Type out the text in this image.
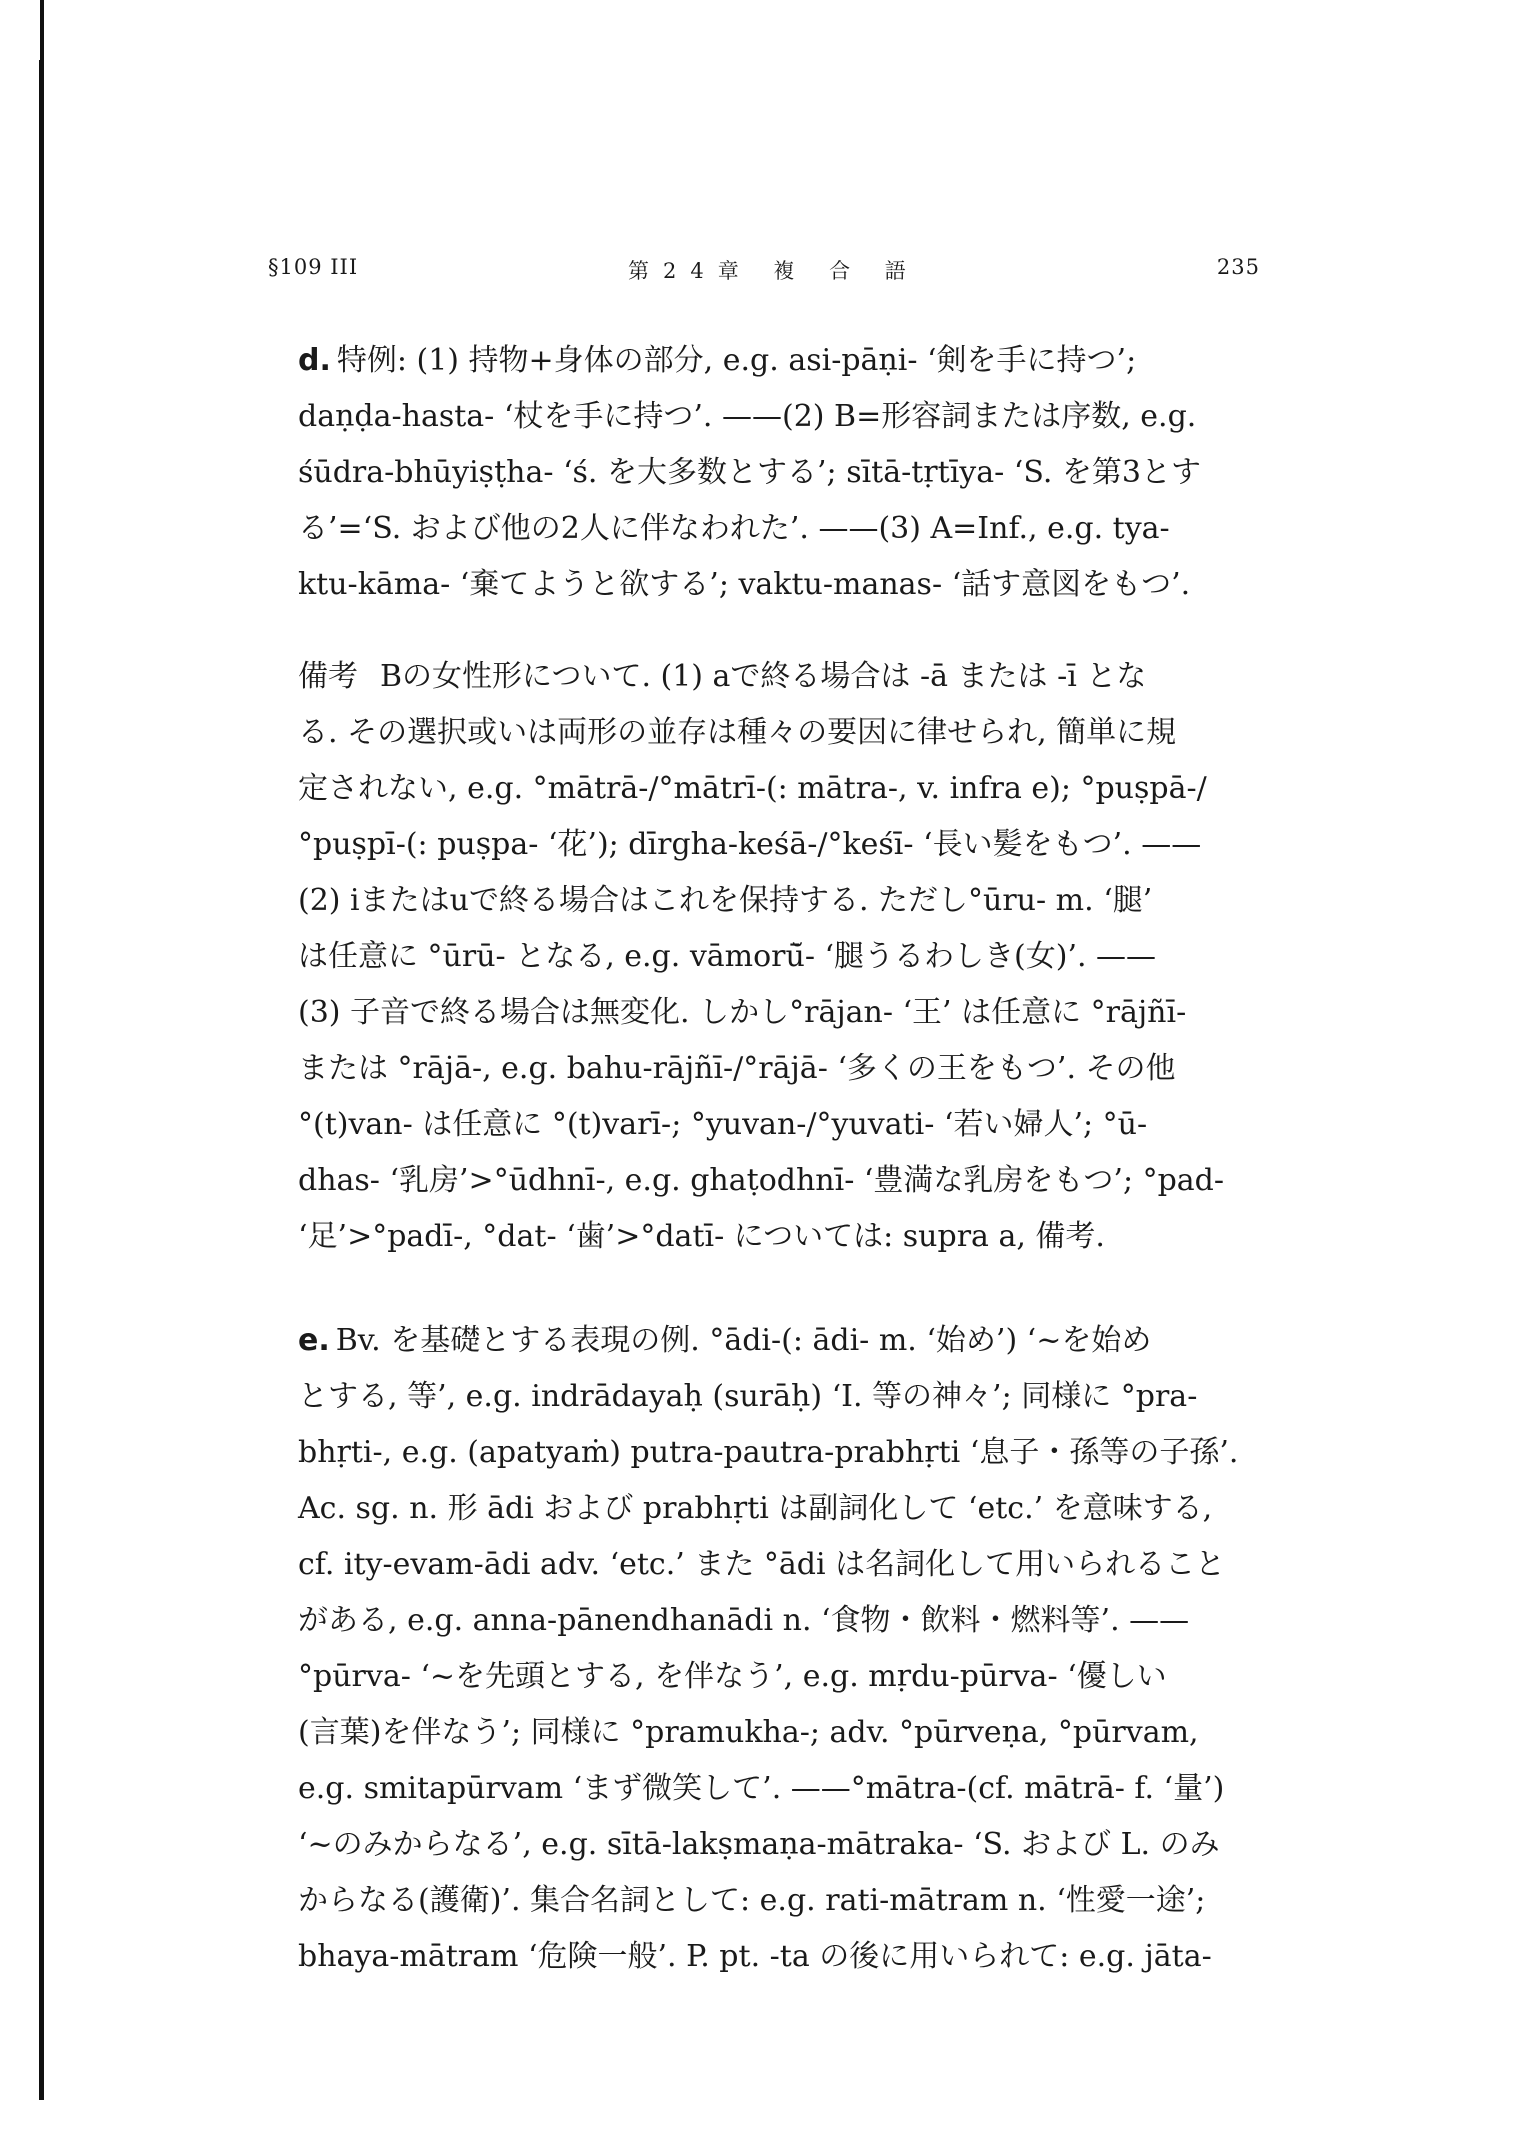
§109 III	第24章 複 合 語	235

d. 特例: (1) 持物+身体の部分, e.g. asi-pāṇi- ‘剣を手に持つ’;
daṇḍa-hasta- ‘杖を手に持つ’. ——(2) B=形容詞または序数, e.g.
śūdra-bhūyiṣṭha- ‘ś. を大多数とする’; sītā-tṛtīya- ‘S. を第3とす
る’=‘S. および他の2人に伴なわれた’. ——(3) A=Inf., e.g. tya-
ktu-kāma- ‘棄てようと欲する’; vaktu-manas- ‘話す意図をもつ’.

備考 Bの女性形について. (1) aで終る場合は -ā または -ī とな
る. その選択或いは両形の並存は種々の要因に律せられ, 簡単に規
定されない, e.g. °mātrā-/°mātrī-(: mātra-, v. infra e); °puṣpā-/
°puṣpī-(: puṣpa- ‘花’); dīrgha-keśā-/°keśī- ‘長い髪をもつ’. ——
(2) iまたはuで終る場合はこれを保持する. ただし°ūru- m. ‘腿’
は任意に °ūrū- となる, e.g. vāmorū̆- ‘腿うるわしき(女)’. ——
(3) 子音で終る場合は無変化. しかし°rājan- ‘王’ は任意に °rājñī-
または °rājā-, e.g. bahu-rājñī-/°rājā- ‘多くの王をもつ’. その他
°(t)van- は任意に °(t)varī-; °yuvan-/°yuvati- ‘若い婦人’; °ū-
dhas- ‘乳房’>°ūdhnī-, e.g. ghaṭodhnī- ‘豊満な乳房をもつ’; °pad-
‘足’>°padī-, °dat- ‘歯’>°datī- については: supra a, 備考.

e. Bv. を基礎とする表現の例. °ādi-(: ādi- m. ‘始め’) ‘~を始め
とする, 等’, e.g. indrādayaḥ (surāḥ) ‘I. 等の神々’; 同様に °pra-
bhṛti-, e.g. (apatyaṁ) putra-pautra-prabhṛti ‘息子・孫等の子孫’.
Ac. sg. n. 形 ādi および prabhṛti は副詞化して ‘etc.’ を意味する,
cf. ity-evam-ādi adv. ‘etc.’ また °ādi は名詞化して用いられること
がある, e.g. anna-pānendhanādi n. ‘食物・飲料・燃料等’. ——
°pūrva- ‘~を先頭とする, を伴なう’, e.g. mṛdu-pūrva- ‘優しい
(言葉)を伴なう’; 同様に °pramukha-; adv. °pūrveṇa, °pūrvam,
e.g. smitapūrvam ‘まず微笑して’. ——°mātra-(cf. mātrā- f. ‘量’)
‘~のみからなる’, e.g. sītā-lakṣmaṇa-mātraka- ‘S. および L. のみ
からなる(護衛)’. 集合名詞として: e.g. rati-mātram n. ‘性愛一途’;
bhaya-mātram ‘危険一般’. P. pt. -ta の後に用いられて: e.g. jāta-
